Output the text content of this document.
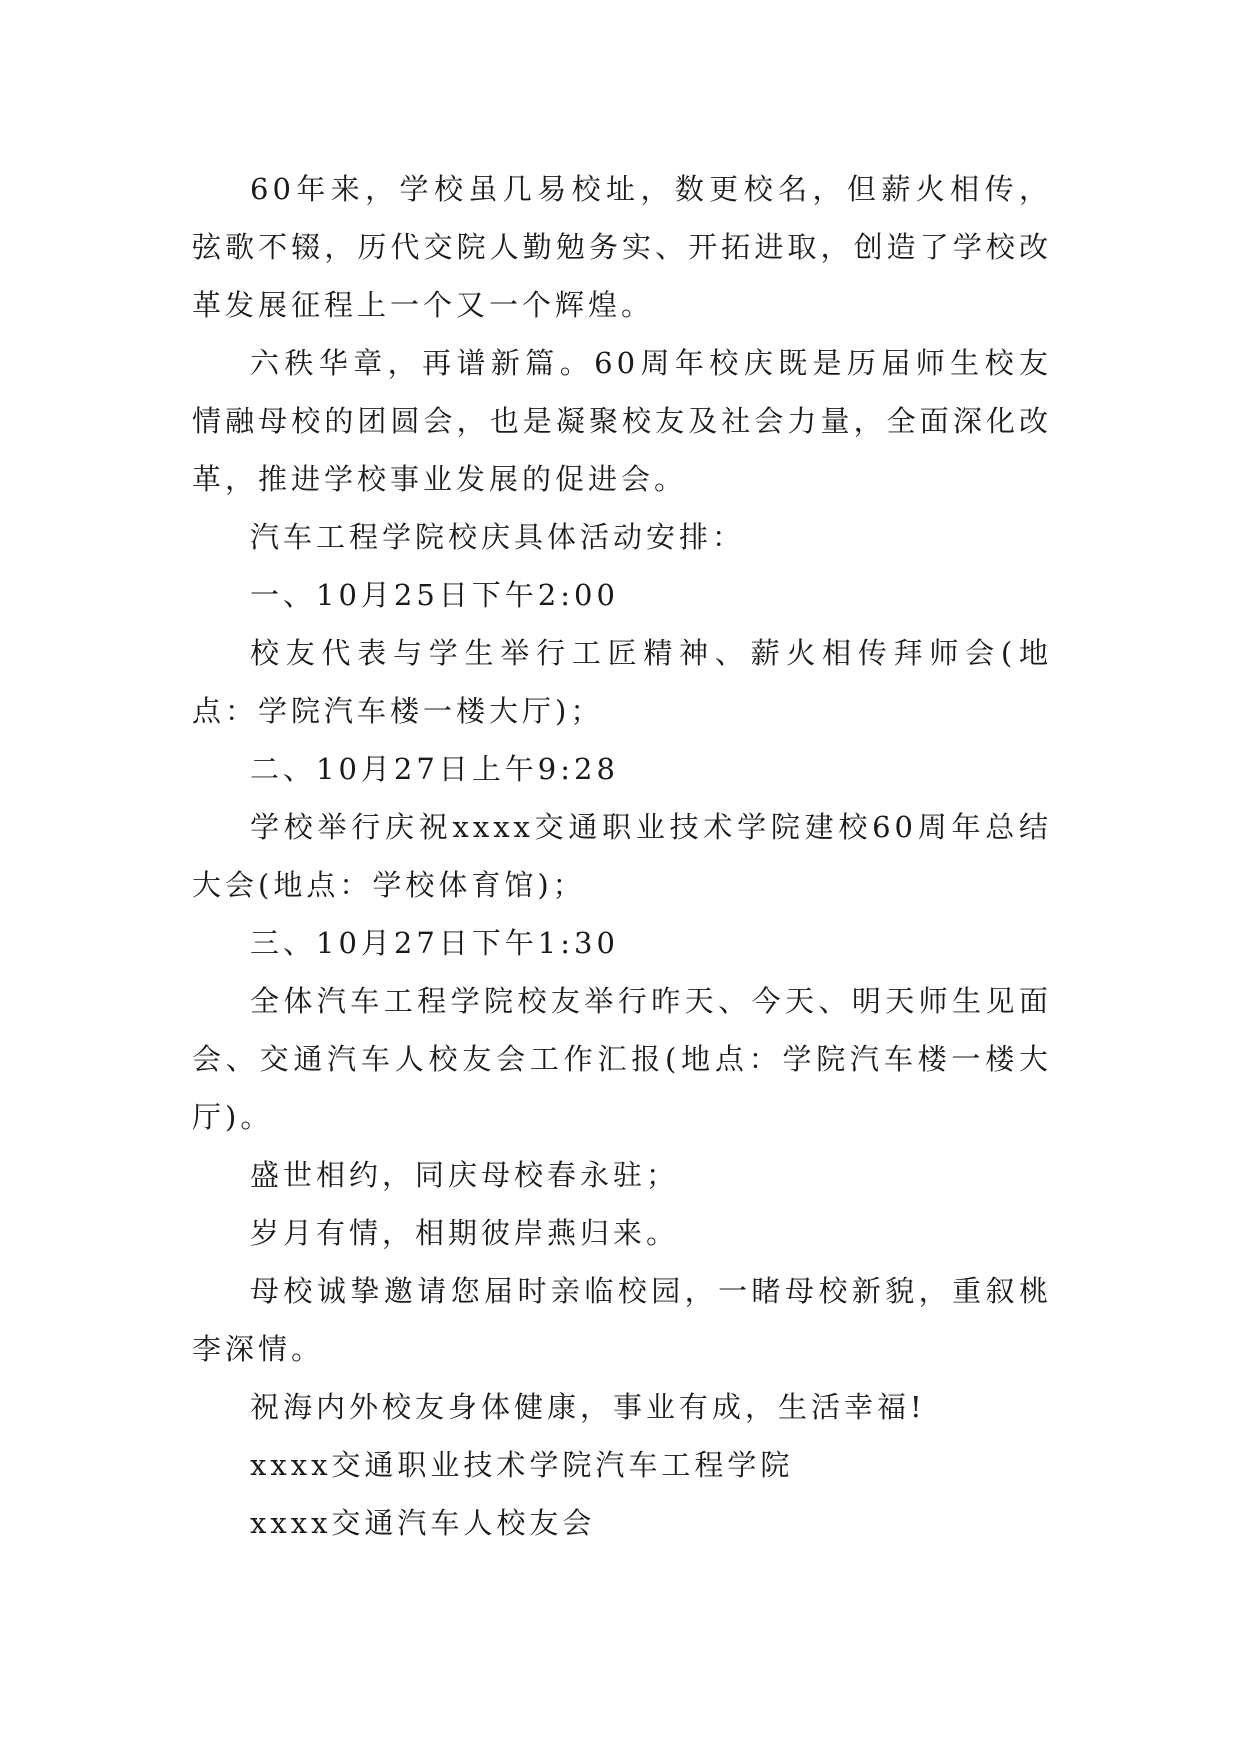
60年来，学校虽几易校址，数更校名，但薪火相传，弦歌不辍，历代交院人勤勉务实、开拓进取，创造了学校改革发展征程上一个又一个辉煌。

六秩华章，再谱新篇。60周年校庆既是历届师生校友情融母校的团圆会，也是凝聚校友及社会力量，全面深化改革，推进学校事业发展的促进会。

汽车工程学院校庆具体活动安排：

一、10月25日下午2:00

校友代表与学生举行工匠精神、薪火相传拜师会(地点：学院汽车楼一楼大厅)；

二、10月27日上午9:28

学校举行庆祝xxxx交通职业技术学院建校60周年总结大会(地点：学校体育馆)；

三、10月27日下午1:30

全体汽车工程学院校友举行昨天、今天、明天师生见面会、交通汽车人校友会工作汇报(地点：学院汽车楼一楼大厅)。

盛世相约，同庆母校春永驻；

岁月有情，相期彼岸燕归来。

母校诚挚邀请您届时亲临校园，一睹母校新貌，重叙桃李深情。

祝海内外校友身体健康，事业有成，生活幸福!

xxxx交通职业技术学院汽车工程学院

xxxx交通汽车人校友会
